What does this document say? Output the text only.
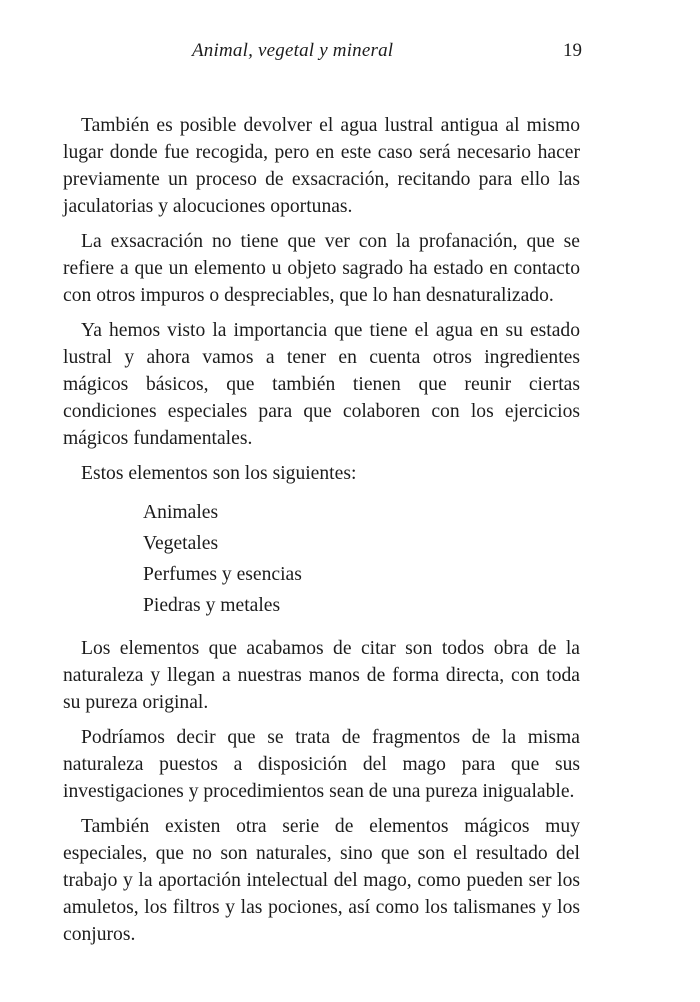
Animal, vegetal y mineral	19

También es posible devolver el agua lustral antigua al mismo lugar donde fue recogida, pero en este caso será necesario hacer previamente un proceso de exsacración, recitando para ello las jaculatorias y alocuciones oportunas.

La exsacración no tiene que ver con la profanación, que se refiere a que un elemento u objeto sagrado ha estado en contacto con otros impuros o despreciables, que lo han desnaturalizado.

Ya hemos visto la importancia que tiene el agua en su estado lustral y ahora vamos a tener en cuenta otros ingredientes mágicos básicos, que también tienen que reunir ciertas condiciones especiales para que colaboren con los ejercicios mágicos fundamentales.

Estos elementos son los siguientes:

Animales
Vegetales
Perfumes y esencias
Piedras y metales

Los elementos que acabamos de citar son todos obra de la naturaleza y llegan a nuestras manos de forma directa, con toda su pureza original.

Podríamos decir que se trata de fragmentos de la misma naturaleza puestos a disposición del mago para que sus investigaciones y procedimientos sean de una pureza inigualable.

También existen otra serie de elementos mágicos muy especiales, que no son naturales, sino que son el resultado del trabajo y la aportación intelectual del mago, como pueden ser los amuletos, los filtros y las pociones, así como los talismanes y los conjuros.
